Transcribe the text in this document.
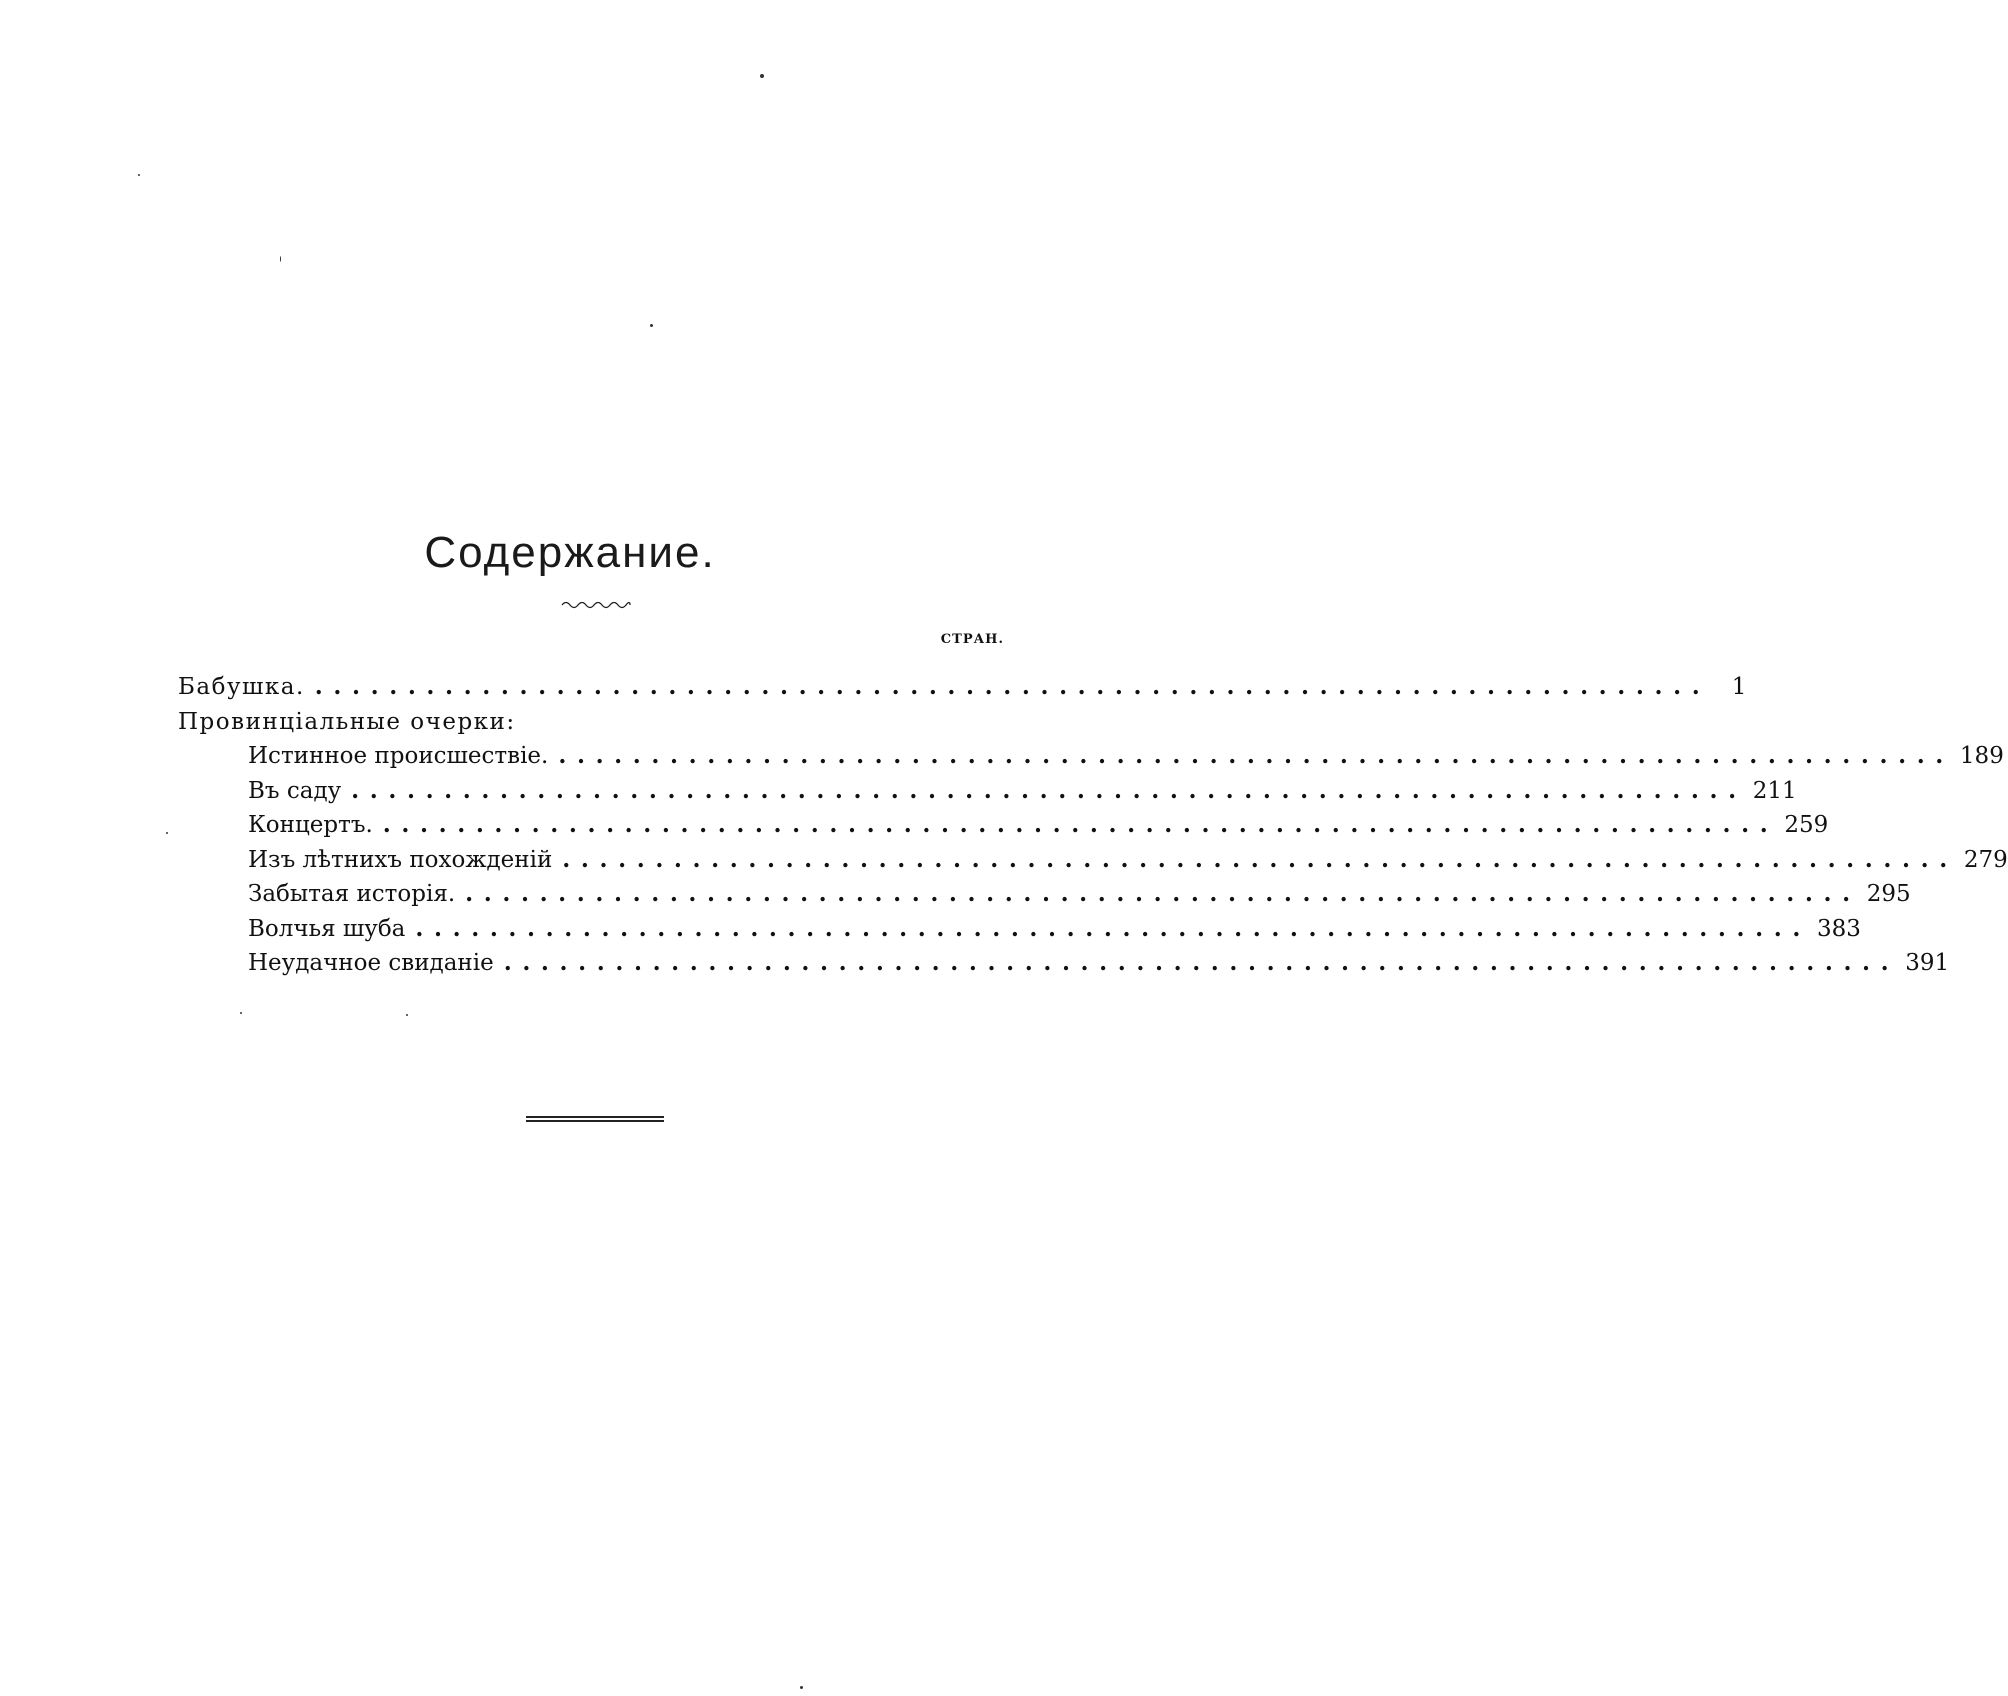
Содержание.
СТРАН.
Бабушка. ........................................................................... 1
Провинціальные очерки:
Истинное происшествіе. ........................................................................... 189
Въ саду ........................................................................... 211
Концертъ. ........................................................................... 259
Изъ лѣтнихъ похожденій ........................................................................... 279
Забытая исторія. ........................................................................... 295
Волчья шуба ........................................................................... 383
Неудачное свиданіе ........................................................................... 391
